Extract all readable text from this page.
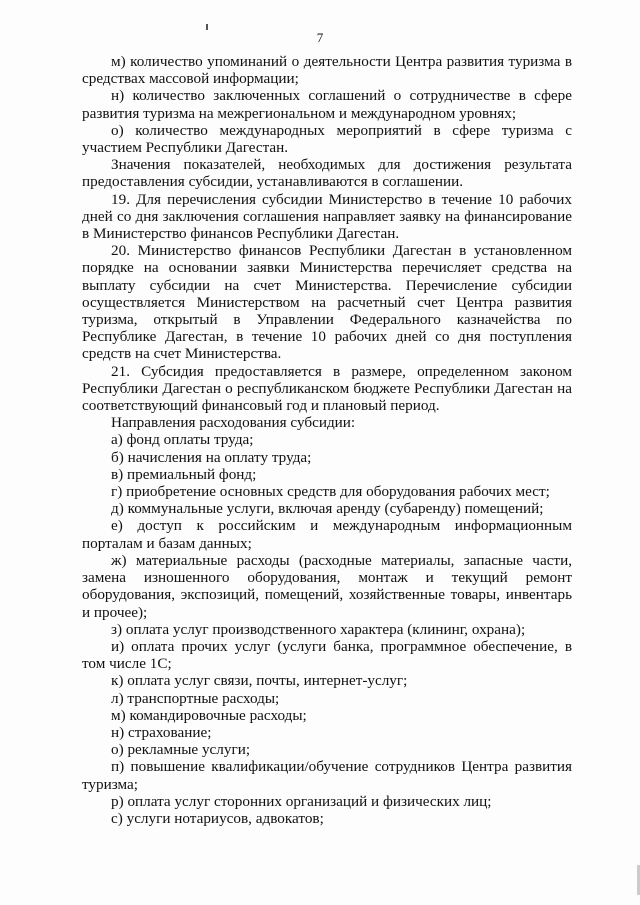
7

м) количество упоминаний о деятельности Центра развития туризма в средствах массовой информации;

н) количество заключенных соглашений о сотрудничестве в сфере развития туризма на межрегиональном и международном уровнях;

о) количество международных мероприятий в сфере туризма с участием Республики Дагестан.

Значения показателей, необходимых для достижения результата предоставления субсидии, устанавливаются в соглашении.

19. Для перечисления субсидии Министерство в течение 10 рабочих дней со дня заключения соглашения направляет заявку на финансирование в Министерство финансов Республики Дагестан.

20. Министерство финансов Республики Дагестан в установленном порядке на основании заявки Министерства перечисляет средства на выплату субсидии на счет Министерства. Перечисление субсидии осуществляется Министерством на расчетный счет Центра развития туризма, открытый в Управлении Федерального казначейства по Республике Дагестан, в течение 10 рабочих дней со дня поступления средств на счет Министерства.

21. Субсидия предоставляется в размере, определенном законом Республики Дагестан о республиканском бюджете Республики Дагестан на соответствующий финансовый год и плановый период.

Направления расходования субсидии:

а) фонд оплаты труда;

б) начисления на оплату труда;

в) премиальный фонд;

г) приобретение основных средств для оборудования рабочих мест;

д) коммунальные услуги, включая аренду (субаренду) помещений;

е) доступ к российским и международным информационным порталам и базам данных;

ж) материальные расходы (расходные материалы, запасные части, замена изношенного оборудования, монтаж и текущий ремонт оборудования, экспозиций, помещений, хозяйственные товары, инвентарь и прочее);

з) оплата услуг производственного характера (клининг, охрана);

и) оплата прочих услуг (услуги банка, программное обеспечение, в том числе 1С;

к) оплата услуг связи, почты, интернет-услуг;

л) транспортные расходы;

м) командировочные расходы;

н) страхование;

о) рекламные услуги;

п) повышение квалификации/обучение сотрудников Центра развития туризма;

р) оплата услуг сторонних организаций и физических лиц;

с) услуги нотариусов, адвокатов;
